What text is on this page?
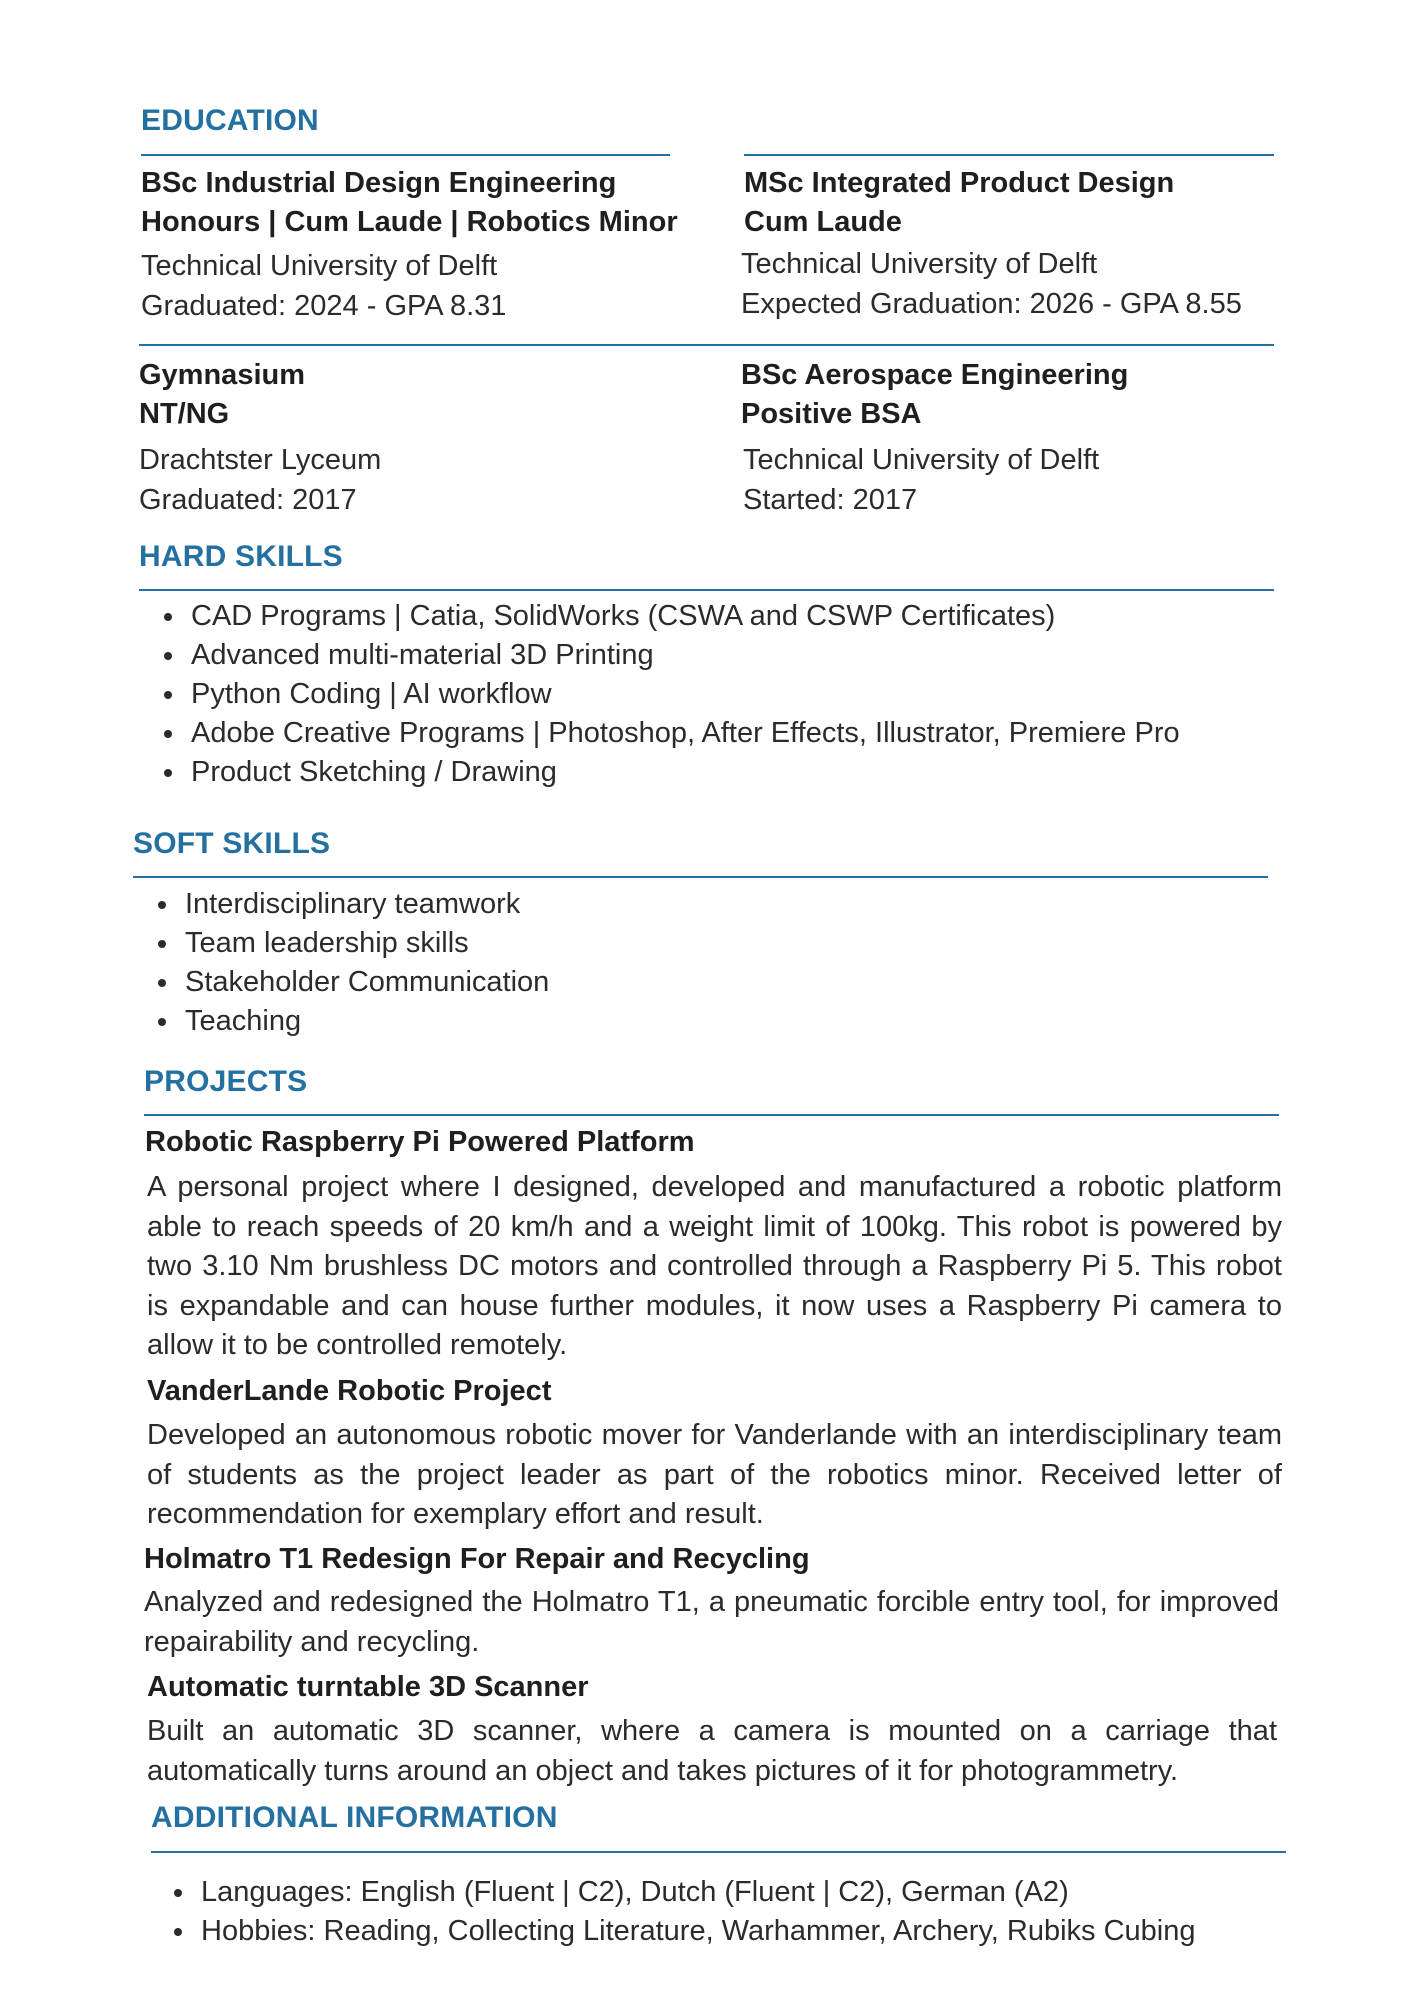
EDUCATION
BSc Industrial Design Engineering
Honours | Cum Laude | Robotics Minor
Technical University of Delft
Graduated: 2024 - GPA 8.31
MSc Integrated Product Design
Cum Laude
Technical University of Delft
Expected Graduation: 2026 - GPA 8.55
Gymnasium
NT/NG
Drachtster Lyceum
Graduated: 2017
BSc Aerospace Engineering
Positive BSA
Technical University of Delft
Started: 2017
HARD SKILLS
• CAD Programs | Catia, SolidWorks (CSWA and CSWP Certificates)
• Advanced multi-material 3D Printing
• Python Coding | AI workflow
• Adobe Creative Programs | Photoshop, After Effects, Illustrator, Premiere Pro
• Product Sketching / Drawing
SOFT SKILLS
• Interdisciplinary teamwork
• Team leadership skills
• Stakeholder Communication
• Teaching
PROJECTS
Robotic Raspberry Pi Powered Platform
A personal project where I designed, developed and manufactured a robotic platform able to reach speeds of 20 km/h and a weight limit of 100kg. This robot is powered by two 3.10 Nm brushless DC motors and controlled through a Raspberry Pi 5. This robot is expandable and can house further modules, it now uses a Raspberry Pi camera to allow it to be controlled remotely.
VanderLande Robotic Project
Developed an autonomous robotic mover for Vanderlande with an interdisciplinary team of students as the project leader as part of the robotics minor. Received letter of recommendation for exemplary effort and result.
Holmatro T1 Redesign For Repair and Recycling
Analyzed and redesigned the Holmatro T1, a pneumatic forcible entry tool, for improved repairability and recycling.
Automatic turntable 3D Scanner
Built an automatic 3D scanner, where a camera is mounted on a carriage that automatically turns around an object and takes pictures of it for photogrammetry.
ADDITIONAL INFORMATION
• Languages: English (Fluent | C2), Dutch (Fluent | C2), German (A2)
• Hobbies: Reading, Collecting Literature, Warhammer, Archery, Rubiks Cubing
